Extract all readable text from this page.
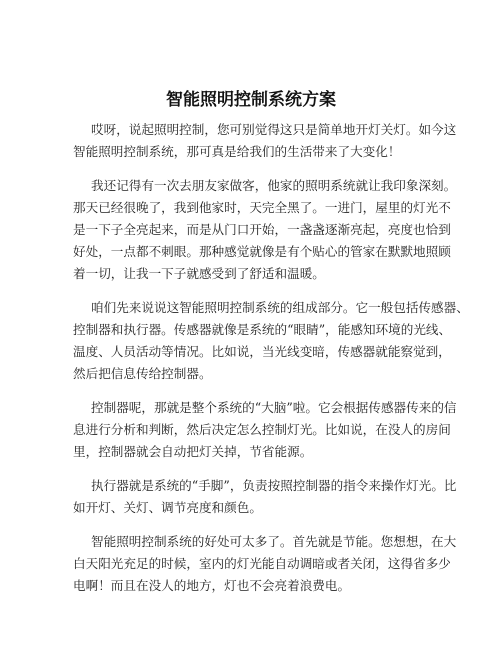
智能照明控制系统方案
哎呀，说起照明控制，您可别觉得这只是简单地开灯关灯。如今这
智能照明控制系统，那可真是给我们的生活带来了大变化！
我还记得有一次去朋友家做客，他家的照明系统就让我印象深刻。
那天已经很晚了，我到他家时，天完全黑了。一进门，屋里的灯光不
是一下子全亮起来，而是从门口开始，一盏盏逐渐亮起，亮度也恰到
好处，一点都不刺眼。那种感觉就像是有个贴心的管家在默默地照顾
着一切，让我一下子就感受到了舒适和温暖。
咱们先来说说这智能照明控制系统的组成部分。它一般包括传感器、
控制器和执行器。传感器就像是系统的“眼睛”，能感知环境的光线、
温度、人员活动等情况。比如说，当光线变暗，传感器就能察觉到，
然后把信息传给控制器。
控制器呢，那就是整个系统的“大脑”啦。它会根据传感器传来的信
息进行分析和判断，然后决定怎么控制灯光。比如说，在没人的房间
里，控制器就会自动把灯关掉，节省能源。
执行器就是系统的“手脚”，负责按照控制器的指令来操作灯光。比
如开灯、关灯、调节亮度和颜色。
智能照明控制系统的好处可太多了。首先就是节能。您想想，在大
白天阳光充足的时候，室内的灯光能自动调暗或者关闭，这得省多少
电啊！而且在没人的地方，灯也不会亮着浪费电。
